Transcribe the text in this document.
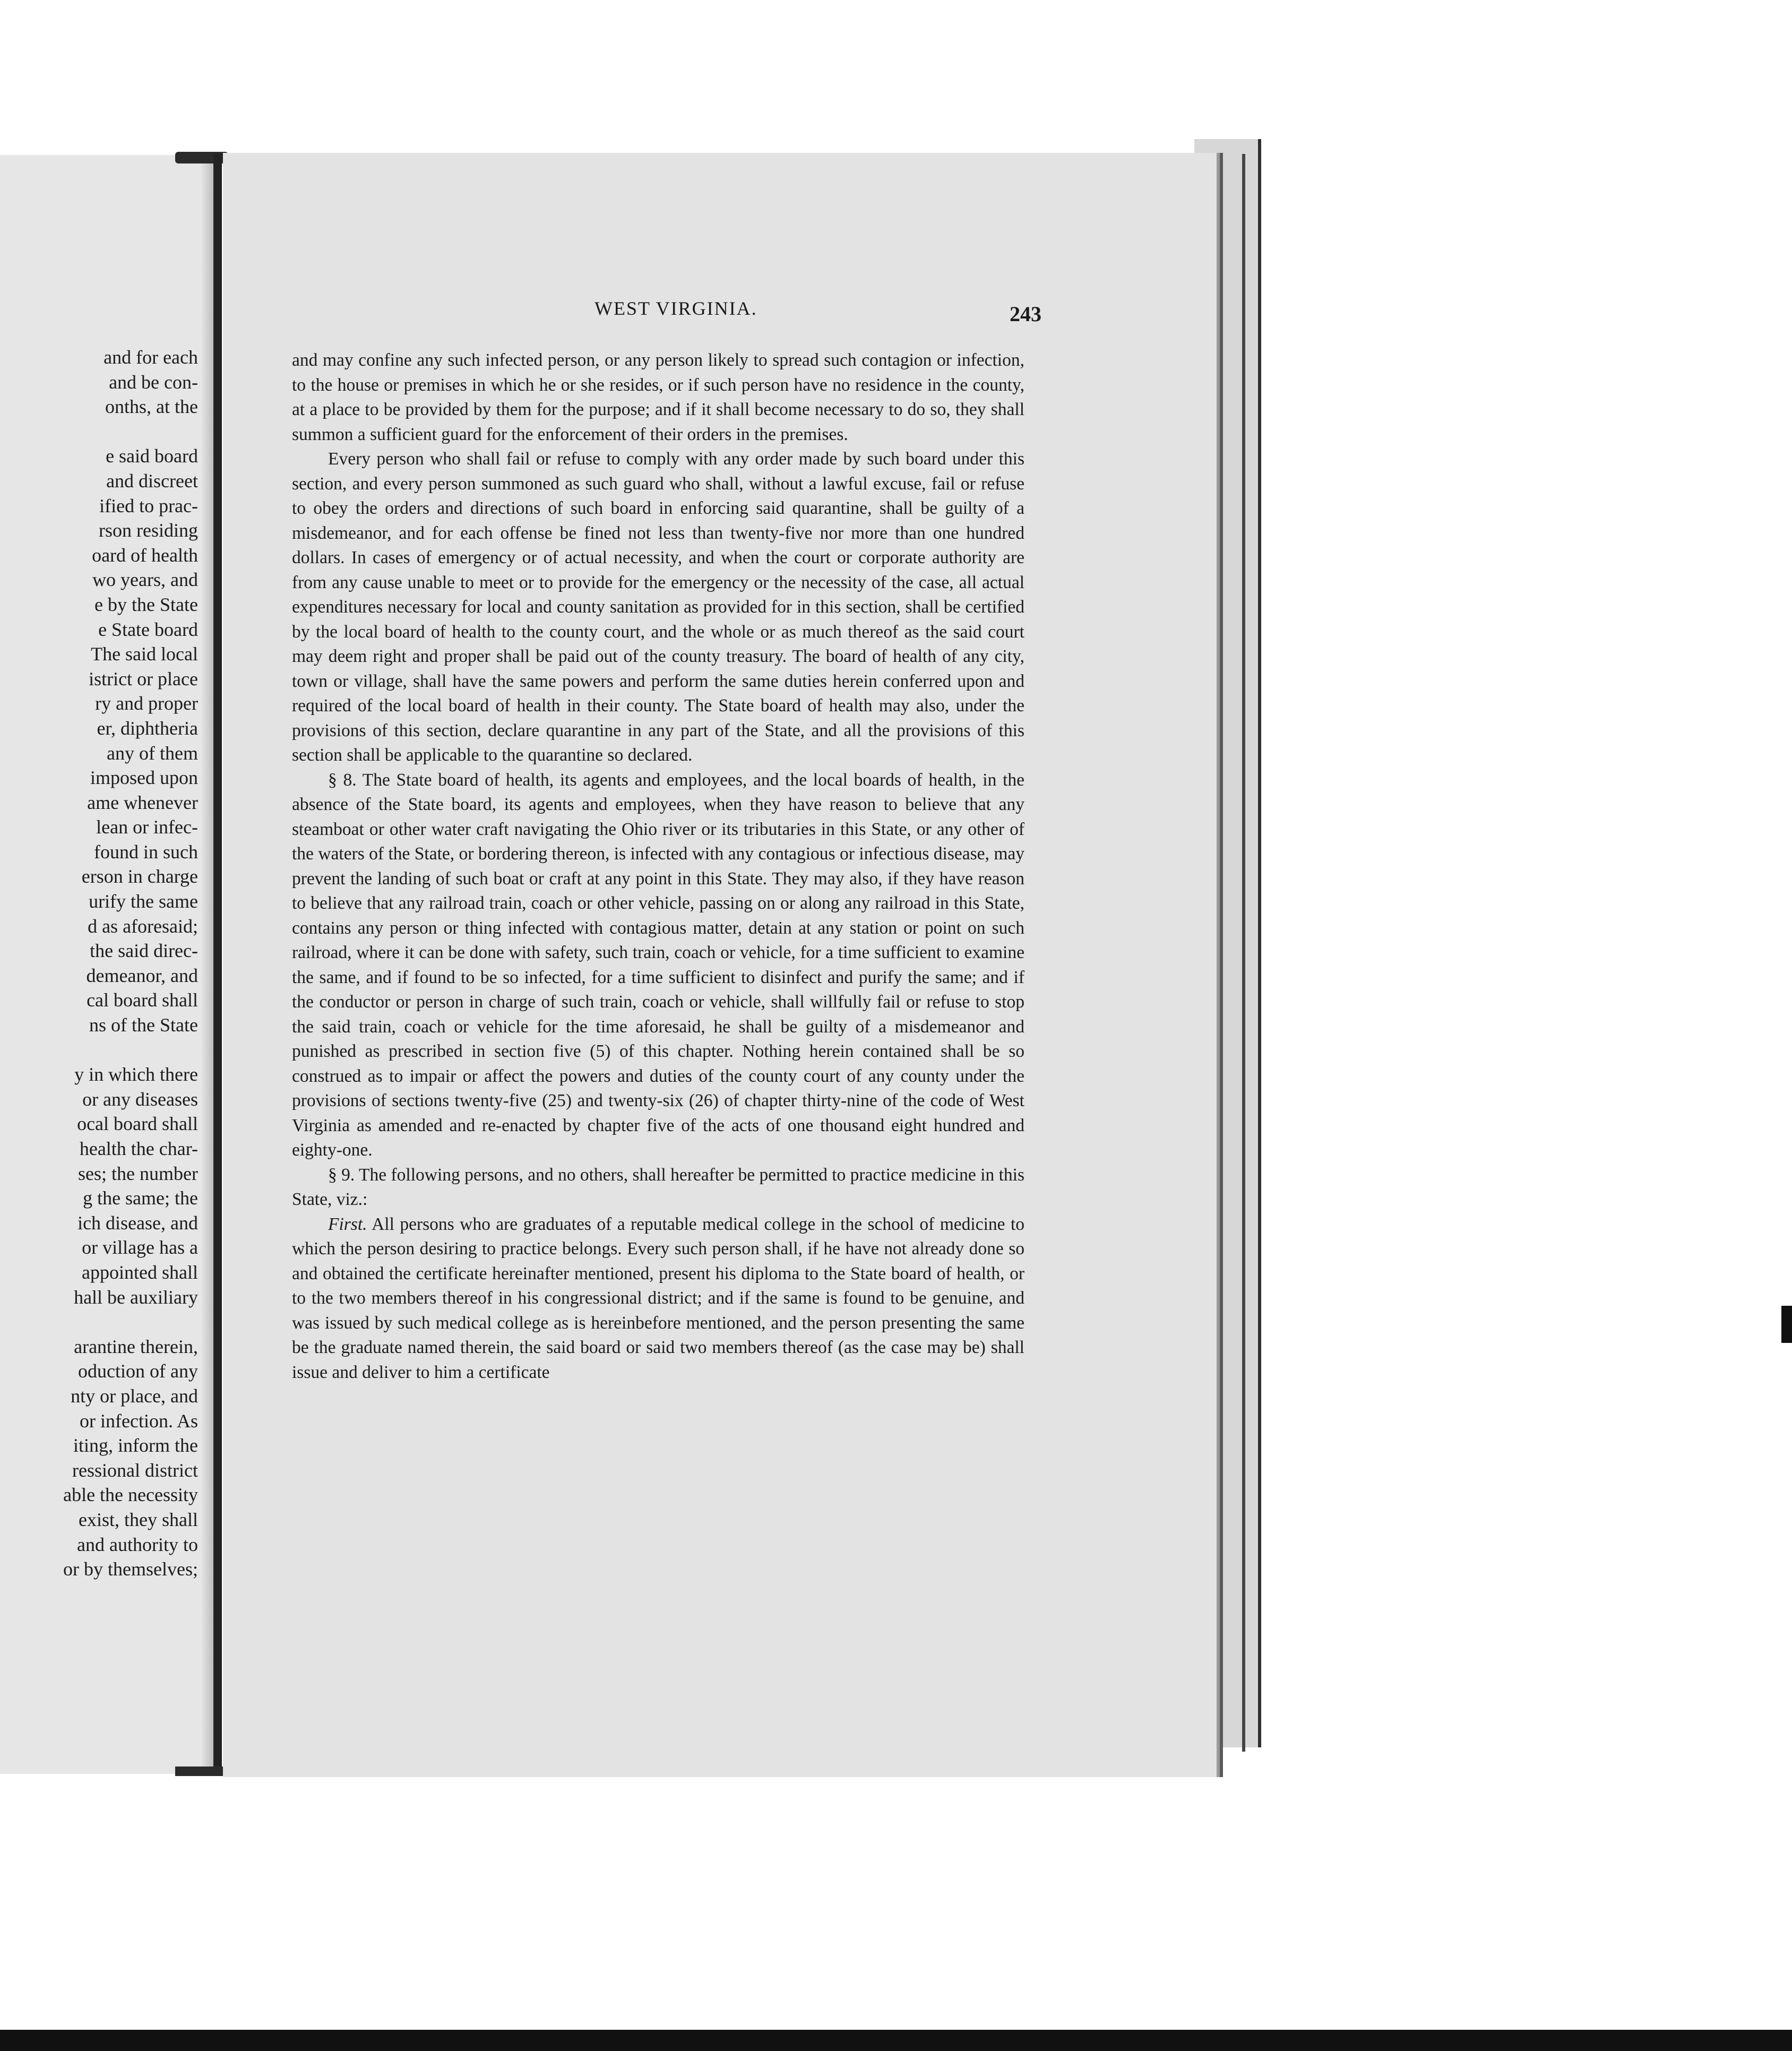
and for each
and be con-
onths, at the

e said board
and discreet
ified to prac-
rson residing
oard of health
wo years, and
e by the State
e State board
The said local
istrict or place
ry and proper
er, diphtheria
any of them
imposed upon
ame whenever
lean or infec-
found in such
erson in charge
urify the same
d as aforesaid;
the said direc-
demeanor, and
cal board shall
ns of the State

y in which there
or any diseases
ocal board shall
health the char-
ses; the number
g the same; the
ich disease, and
or village has a
appointed shall
hall be auxiliary

arantine therein,
oduction of any
nty or place, and
or infection. As
iting, inform the
ressional district
able the necessity
exist, they shall
and authority to
or by themselves;
WEST VIRGINIA.	243

and may confine any such infected person, or any person likely to spread such contagion or infection, to the house or premises in which he or she resides, or if such person have no residence in the county, at a place to be provided by them for the purpose; and if it shall become necessary to do so, they shall summon a sufficient guard for the enforcement of their orders in the premises.

Every person who shall fail or refuse to comply with any order made by such board under this section, and every person summoned as such guard who shall, without a lawful excuse, fail or refuse to obey the orders and directions of such board in enforcing said quarantine, shall be guilty of a misdemeanor, and for each offense be fined not less than twenty-five nor more than one hundred dollars. In cases of emergency or of actual necessity, and when the court or corporate authority are from any cause unable to meet or to provide for the emergency or the necessity of the case, all actual expenditures necessary for local and county sanitation as provided for in this section, shall be certified by the local board of health to the county court, and the whole or as much thereof as the said court may deem right and proper shall be paid out of the county treasury. The board of health of any city, town or village, shall have the same powers and perform the same duties herein conferred upon and required of the local board of health in their county. The State board of health may also, under the provisions of this section, declare quarantine in any part of the State, and all the provisions of this section shall be applicable to the quarantine so declared.

§ 8. The State board of health, its agents and employees, and the local boards of health, in the absence of the State board, its agents and employees, when they have reason to believe that any steamboat or other water craft navigating the Ohio river or its tributaries in this State, or any other of the waters of the State, or bordering thereon, is infected with any contagious or infectious disease, may prevent the landing of such boat or craft at any point in this State. They may also, if they have reason to believe that any railroad train, coach or other vehicle, passing on or along any railroad in this State, contains any person or thing infected with contagious matter, detain at any station or point on such railroad, where it can be done with safety, such train, coach or vehicle, for a time sufficient to examine the same, and if found to be so infected, for a time sufficient to disinfect and purify the same; and if the conductor or person in charge of such train, coach or vehicle, shall willfully fail or refuse to stop the said train, coach or vehicle for the time aforesaid, he shall be guilty of a misdemeanor and punished as prescribed in section five (5) of this chapter. Nothing herein contained shall be so construed as to impair or affect the powers and duties of the county court of any county under the provisions of sections twenty-five (25) and twenty-six (26) of chapter thirty-nine of the code of West Virginia as amended and re-enacted by chapter five of the acts of one thousand eight hundred and eighty-one.

§ 9. The following persons, and no others, shall hereafter be permitted to practice medicine in this State, viz.:

First. All persons who are graduates of a reputable medical college in the school of medicine to which the person desiring to practice belongs. Every such person shall, if he have not already done so and obtained the certificate hereinafter mentioned, present his diploma to the State board of health, or to the two members thereof in his congressional district; and if the same is found to be genuine, and was issued by such medical college as is hereinbefore mentioned, and the person presenting the same be the graduate named therein, the said board or said two members thereof (as the case may be) shall issue and deliver to him a certificate
